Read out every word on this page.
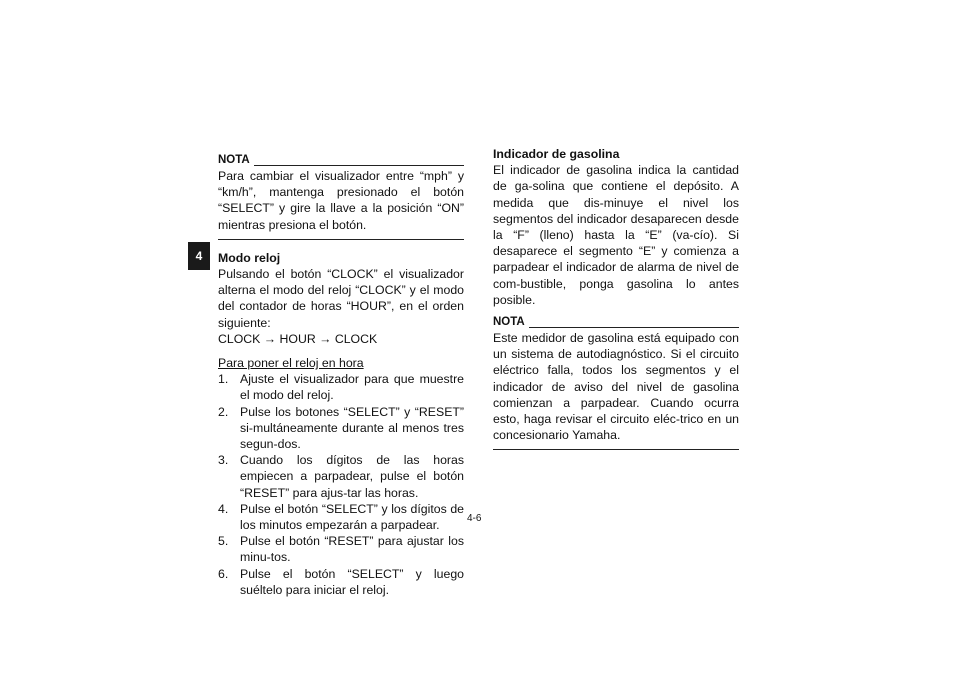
4
NOTA
Para cambiar el visualizador entre “mph” y “km/h”, mantenga presionado el botón “SELECT” y gire la llave a la posición “ON” mientras presiona el botón.
Modo reloj
Pulsando el botón “CLOCK” el visualizador alterna el modo del reloj “CLOCK” y el modo del contador de horas “HOUR”, en el orden siguiente:
CLOCK → HOUR → CLOCK
Para poner el reloj en hora
1. Ajuste el visualizador para que muestre el modo del reloj.
2. Pulse los botones “SELECT” y “RESET” si-multáneamente durante al menos tres segun-dos.
3. Cuando los dígitos de las horas empiecen a parpadear, pulse el botón “RESET” para ajus-tar las horas.
4. Pulse el botón “SELECT” y los dígitos de los minutos empezarán a parpadear.
5. Pulse el botón “RESET” para ajustar los minu-tos.
6. Pulse el botón “SELECT” y luego suéltelo para iniciar el reloj.
Indicador de gasolina
El indicador de gasolina indica la cantidad de ga-solina que contiene el depósito. A medida que dis-minuye el nivel los segmentos del indicador desaparecen desde la “F” (lleno) hasta la “E” (va-cío). Si desaparece el segmento “E” y comienza a parpadear el indicador de alarma de nivel de com-bustible, ponga gasolina lo antes posible.
NOTA
Este medidor de gasolina está equipado con un sistema de autodiagnóstico. Si el circuito eléctrico falla, todos los segmentos y el indicador de aviso del nivel de gasolina comienzan a parpadear. Cuando ocurra esto, haga revisar el circuito eléc-trico en un concesionario Yamaha.
4-6
